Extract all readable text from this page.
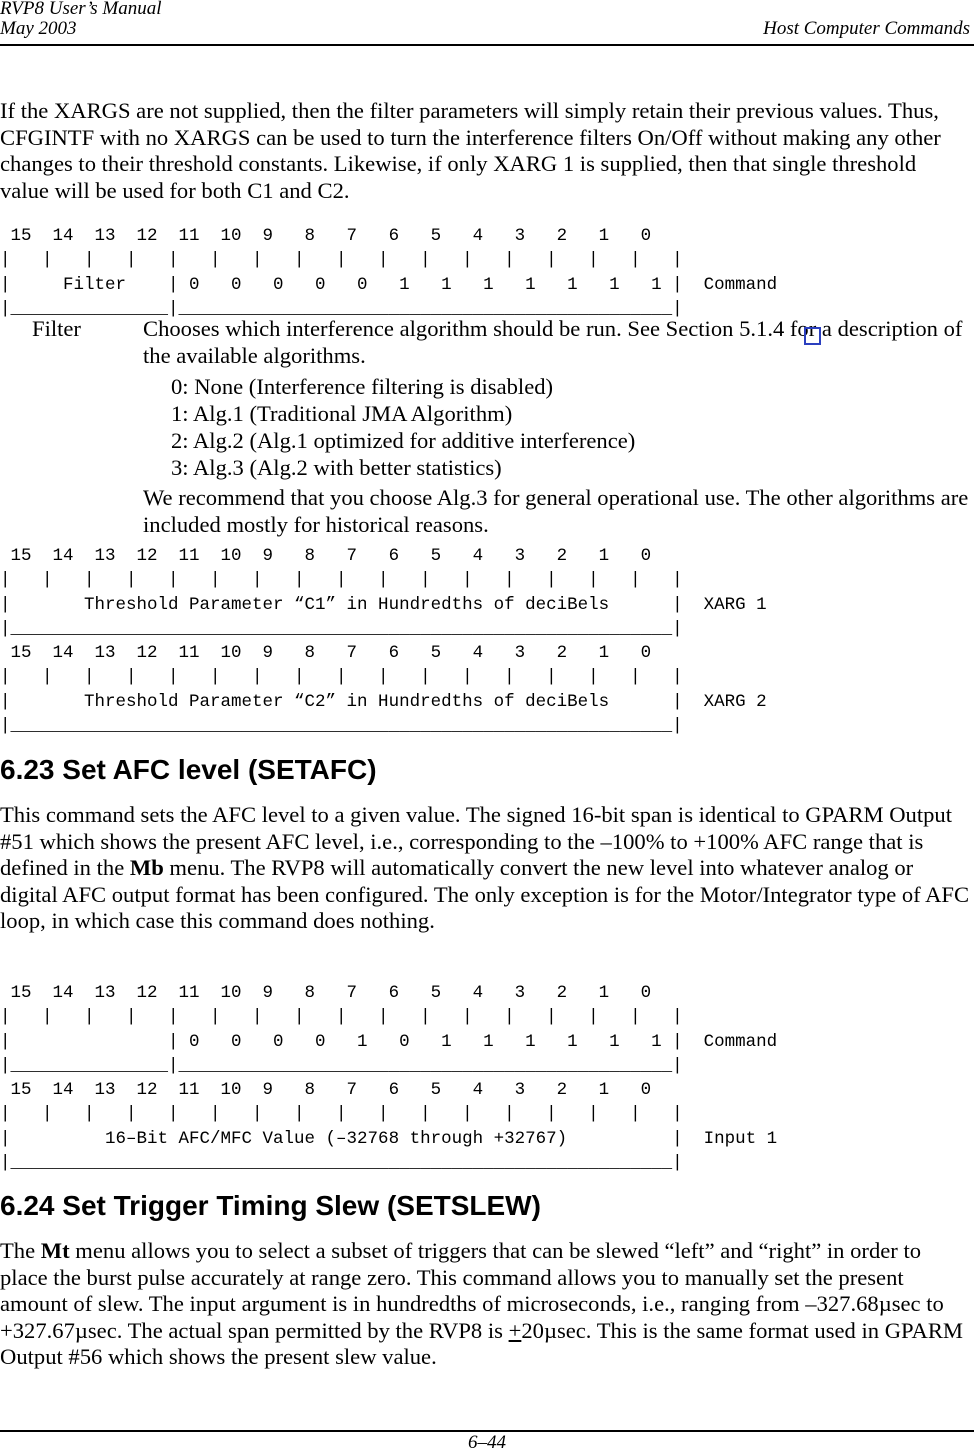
RVP8 User’s Manual
May 2003	Host Computer Commands

If the XARGS are not supplied, then the filter parameters will simply retain their previous values. Thus, CFGINTF with no XARGS can be used to turn the interference filters On/Off without making any other changes to their threshold constants. Likewise, if only XARG 1 is supplied, then that single threshold value will be used for both C1 and C2.

15  14  13  12  11  10  9   8   7   6   5   4   3   2   1   0
|   |   |   |   |   |   |   |   |   |   |   |   |   |   |   |   |
|     Filter    | 0   0   0   0   0   1   1   1   1   1   1   1 |  Command
|_______________|_______________________________________________|
Filter	Chooses which interference algorithm should be run. See Section 5.1.4 for a description of the available algorithms.

0: None (Interference filtering is disabled)
1: Alg.1 (Traditional JMA Algorithm)
2: Alg.2 (Alg.1 optimized for additive interference)
3: Alg.3 (Alg.2 with better statistics)

We recommend that you choose Alg.3 for general operational use. The other algorithms are included mostly for historical reasons.

15  14  13  12  11  10  9   8   7   6   5   4   3   2   1   0
|   |   |   |   |   |   |   |   |   |   |   |   |   |   |   |   |
|       Threshold Parameter “C1” in Hundredths of deciBels      |  XARG 1
|_______________________________________________________________|
15  14  13  12  11  10  9   8   7   6   5   4   3   2   1   0
|   |   |   |   |   |   |   |   |   |   |   |   |   |   |   |   |
|       Threshold Parameter “C2” in Hundredths of deciBels      |  XARG 2
|_______________________________________________________________|
6.23 Set AFC level (SETAFC)

This command sets the AFC level to a given value. The signed 16-bit span is identical to GPARM Output #51 which shows the present AFC level, i.e., corresponding to the –100% to +100% AFC range that is defined in the Mb menu. The RVP8 will automatically convert the new level into whatever analog or digital AFC output format has been configured. The only exception is for the Motor/Integrator type of AFC loop, in which case this command does nothing.

15  14  13  12  11  10  9   8   7   6   5   4   3   2   1   0
|   |   |   |   |   |   |   |   |   |   |   |   |   |   |   |   |
|               | 0   0   0   0   1   0   1   1   1   1   1   1 |  Command
|_______________|_______________________________________________|
15  14  13  12  11  10  9   8   7   6   5   4   3   2   1   0
|   |   |   |   |   |   |   |   |   |   |   |   |   |   |   |   |
|         16–Bit AFC/MFC Value (–32768 through +32767)          |  Input 1
|_______________________________________________________________|
6.24 Set Trigger Timing Slew (SETSLEW)

The Mt menu allows you to select a subset of triggers that can be slewed “left” and “right” in order to place the burst pulse accurately at range zero. This command allows you to manually set the present amount of slew. The input argument is in hundredths of microseconds, i.e., ranging from –327.68µsec to +327.67µsec. The actual span permitted by the RVP8 is +20µsec. This is the same format used in GPARM Output #56 which shows the present slew value.

6–44
